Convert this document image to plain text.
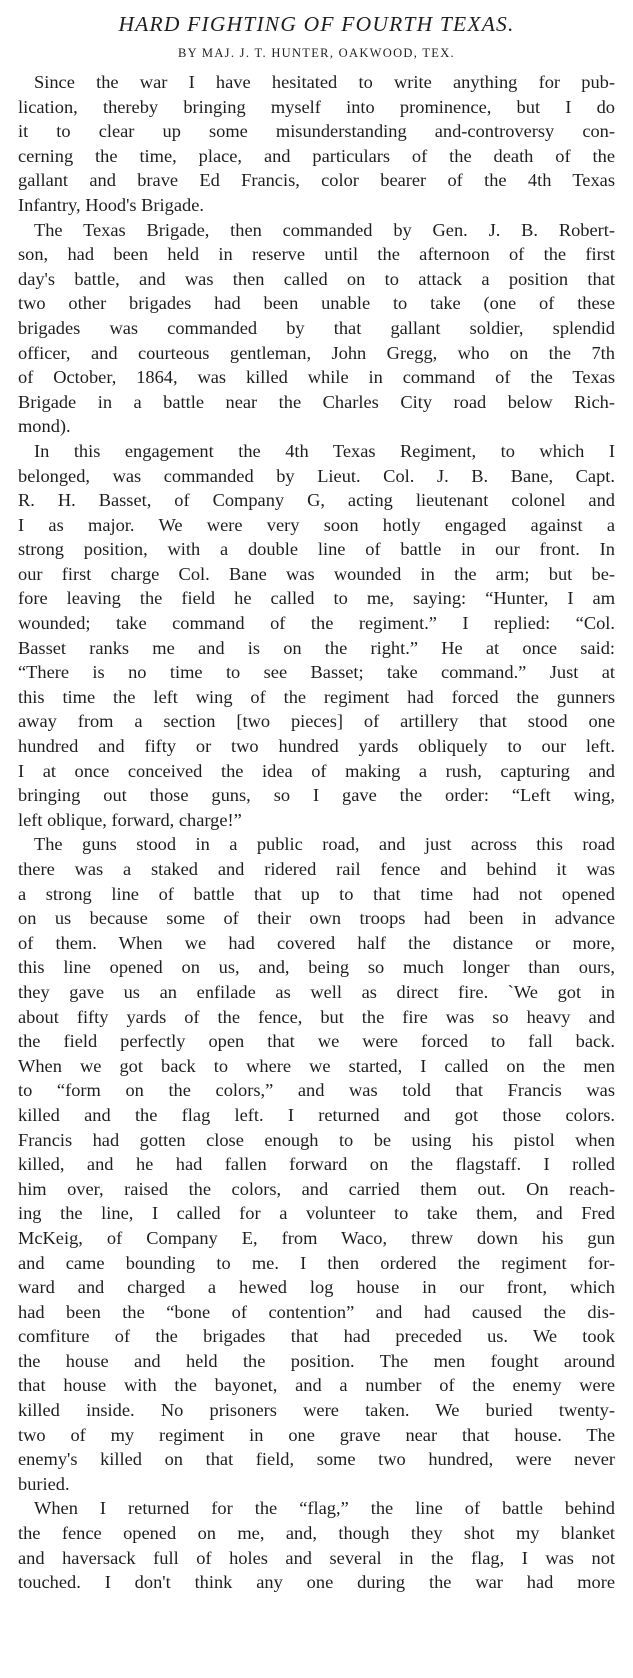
HARD FIGHTING OF FOURTH TEXAS.
BY MAJ. J. T. HUNTER, OAKWOOD, TEX.

Since the war I have hesitated to write anything for pub-
lication, thereby bringing myself into prominence, but I do
it to clear up some misunderstanding and-controversy con-
cerning the time, place, and particulars of the death of the
gallant and brave Ed Francis, color bearer of the 4th Texas
Infantry, Hood's Brigade.

The Texas Brigade, then commanded by Gen. J. B. Robert-
son, had been held in reserve until the afternoon of the first
day's battle, and was then called on to attack a position that
two other brigades had been unable to take (one of these
brigades was commanded by that gallant soldier, splendid
officer, and courteous gentleman, John Gregg, who on the 7th
of October, 1864, was killed while in command of the Texas
Brigade in a battle near the Charles City road below Rich-
mond).

In this engagement the 4th Texas Regiment, to which I
belonged, was commanded by Lieut. Col. J. B. Bane, Capt.
R. H. Basset, of Company G, acting lieutenant colonel and
I as major. We were very soon hotly engaged against a
strong position, with a double line of battle in our front. In
our first charge Col. Bane was wounded in the arm; but be-
fore leaving the field he called to me, saying: “Hunter, I am
wounded; take command of the regiment.” I replied: “Col.
Basset ranks me and is on the right.” He at once said:
“There is no time to see Basset; take command.” Just at
this time the left wing of the regiment had forced the gunners
away from a section [two pieces] of artillery that stood one
hundred and fifty or two hundred yards obliquely to our left.
I at once conceived the idea of making a rush, capturing and
bringing out those guns, so I gave the order: “Left wing,
left oblique, forward, charge!”

The guns stood in a public road, and just across this road
there was a staked and ridered rail fence and behind it was
a strong line of battle that up to that time had not opened
on us because some of their own troops had been in advance
of them. When we had covered half the distance or more,
this line opened on us, and, being so much longer than ours,
they gave us an enfilade as well as direct fire. `We got in
about fifty yards of the fence, but the fire was so heavy and
the field perfectly open that we were forced to fall back.
When we got back to where we started, I called on the men
to “form on the colors,” and was told that Francis was
killed and the flag left. I returned and got those colors.
Francis had gotten close enough to be using his pistol when
killed, and he had fallen forward on the flagstaff. I rolled
him over, raised the colors, and carried them out. On reach-
ing the line, I called for a volunteer to take them, and Fred
McKeig, of Company E, from Waco, threw down his gun
and came bounding to me. I then ordered the regiment for-
ward and charged a hewed log house in our front, which
had been the “bone of contention” and had caused the dis-
comfiture of the brigades that had preceded us. We took
the house and held the position. The men fought around
that house with the bayonet, and a number of the enemy were
killed inside. No prisoners were taken. We buried twenty-
two of my regiment in one grave near that house. The
enemy's killed on that field, some two hundred, were never
buried.

When I returned for the “flag,” the line of battle behind
the fence opened on me, and, though they shot my blanket
and haversack full of holes and several in the flag, I was not
touched. I don't think any one during the war had more
